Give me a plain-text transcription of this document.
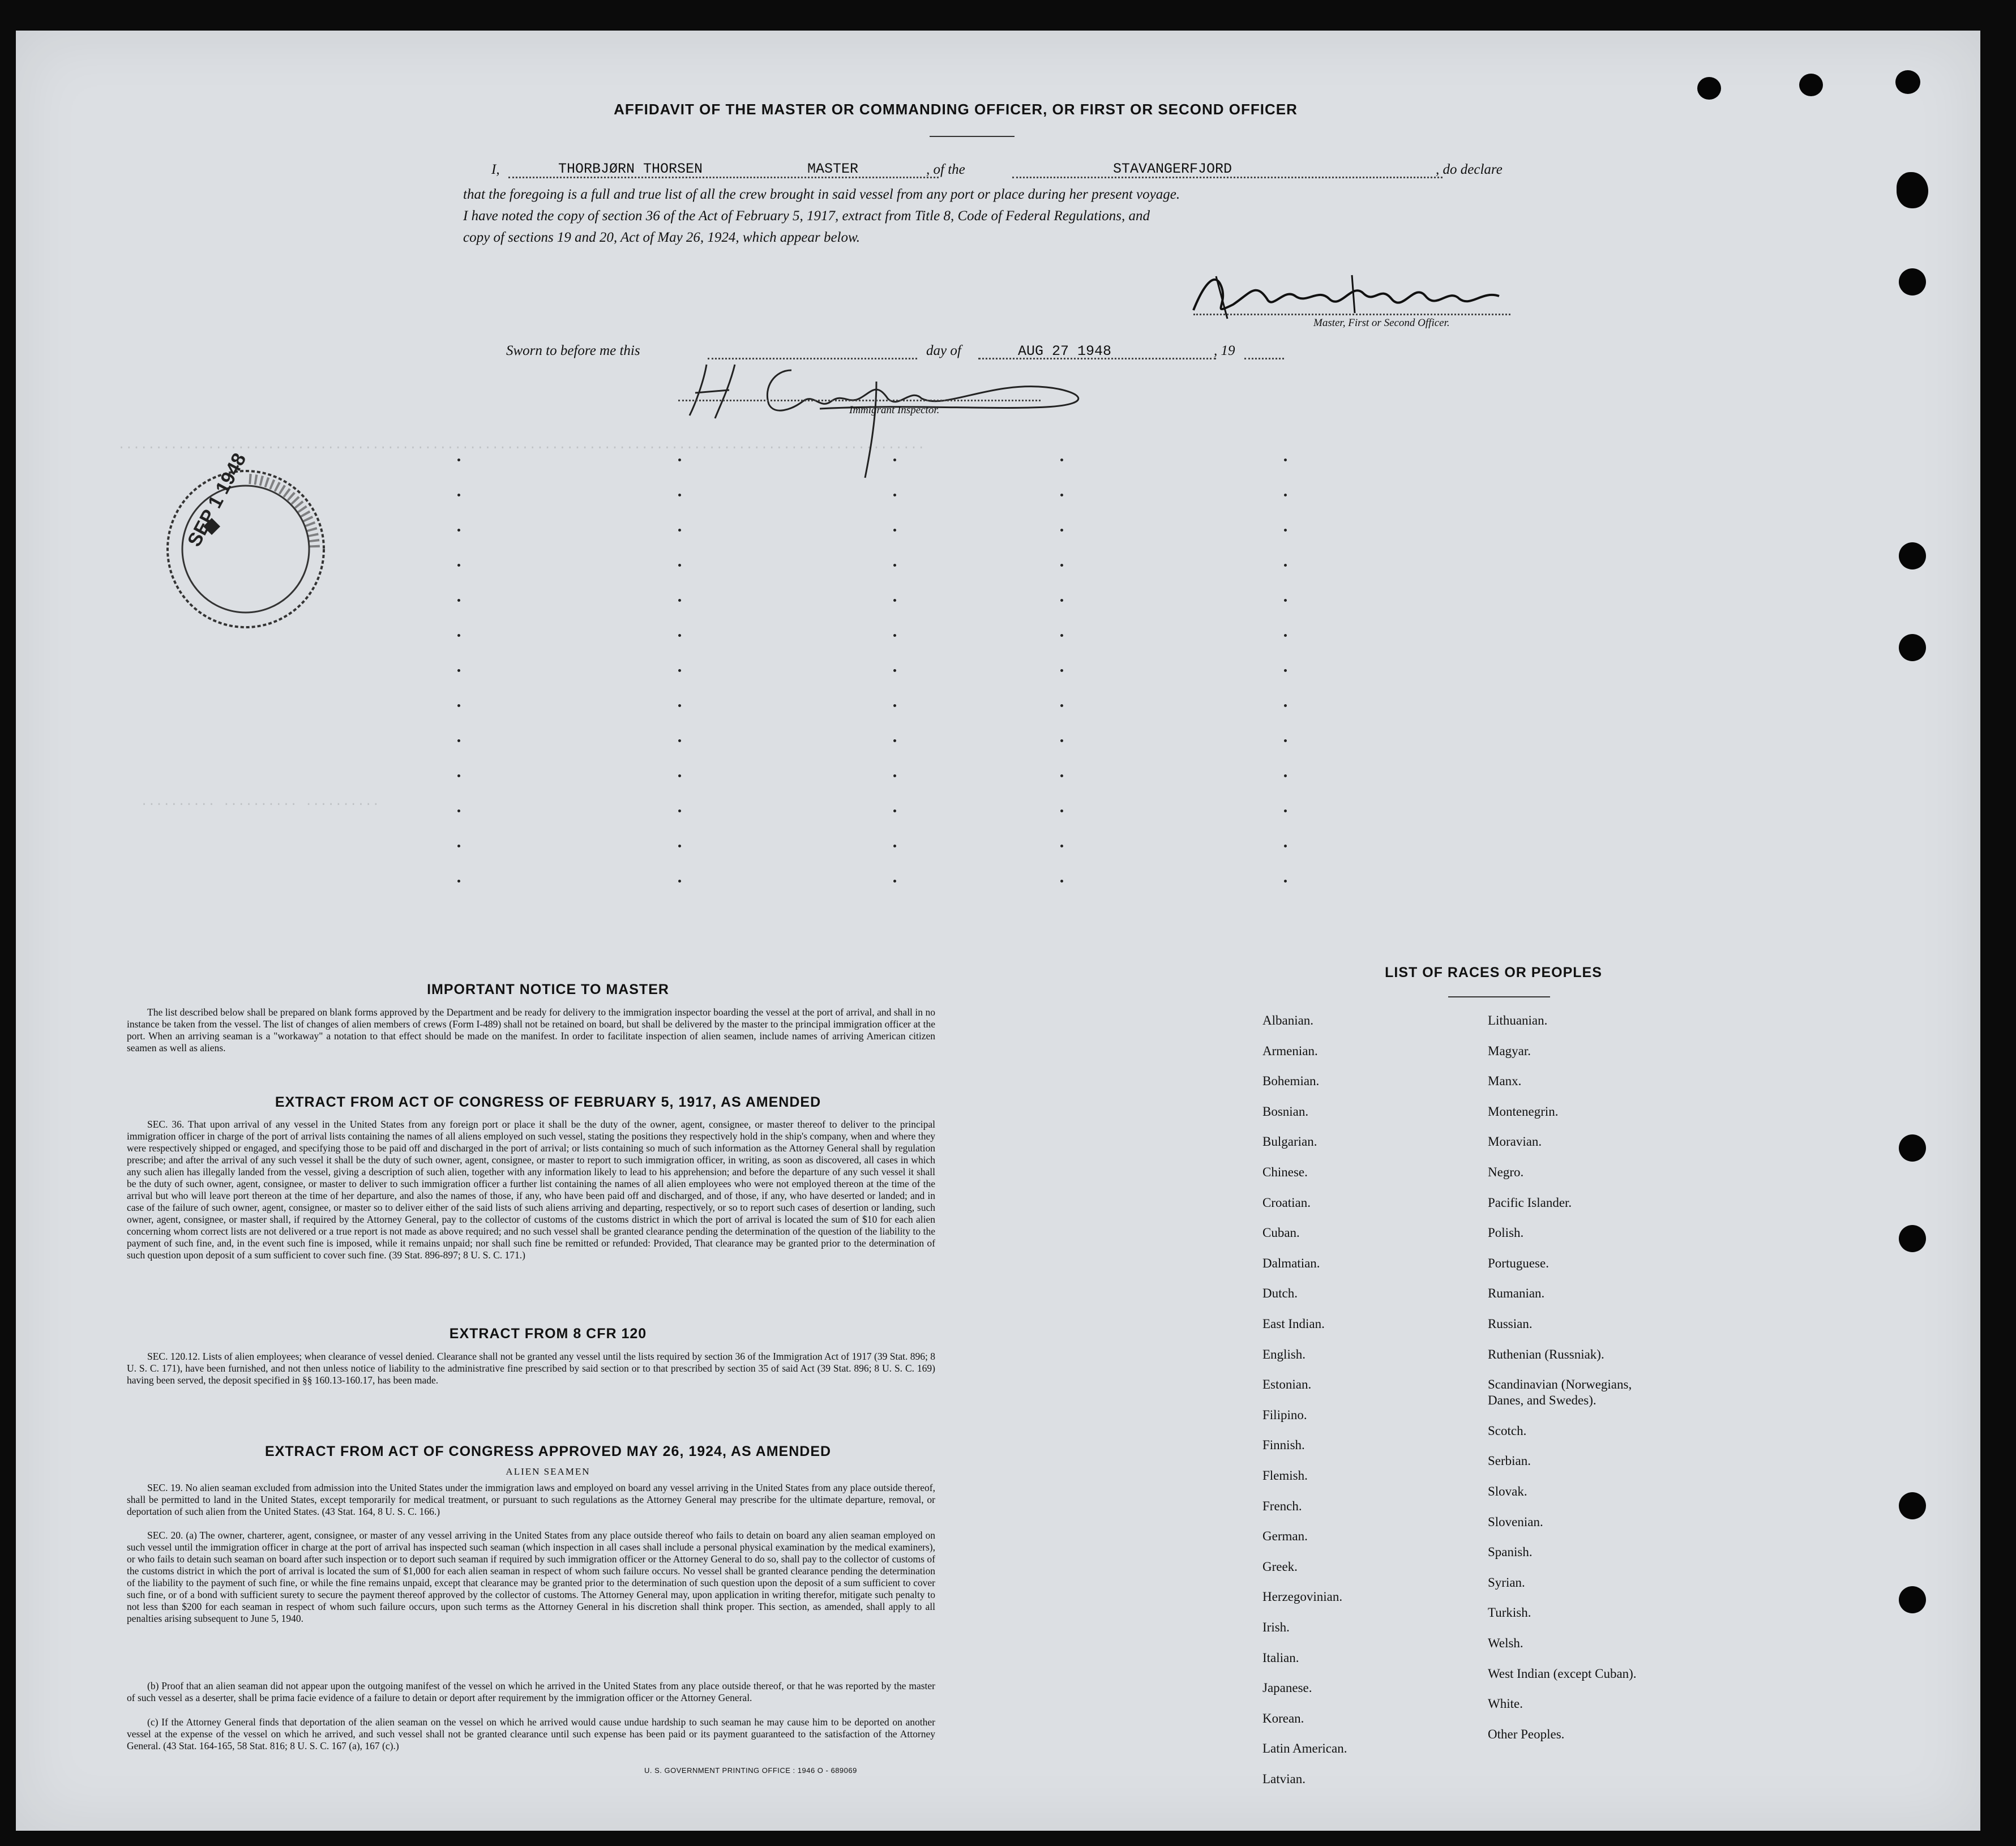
AFFIDAVIT OF THE MASTER OR COMMANDING OFFICER, OR FIRST OR SECOND OFFICER
I,	THORBJØRN THORSEN	MASTER	, of the	STAVANGERFJORD	, do declare
that the foregoing is a full and true list of all the crew brought in said vessel from any port or place during her present voyage.
I have noted the copy of section 36 of the Act of February 5, 1917, extract from Title 8, Code of Federal Regulations, and
copy of sections 19 and 20, Act of May 26, 1924, which appear below.
Master, First or Second Officer.
Sworn to before me this	day of	AUG 27 1948	, 19
Immigrant Inspector.
SEP 1 1948
............................................................................................................
.......... .......... ..........
IMPORTANT NOTICE TO MASTER
The list described below shall be prepared on blank forms approved by the Department and be ready for delivery to the immigration inspector boarding the vessel at the port of arrival, and shall in no instance be taken from the vessel. The list of changes of alien members of crews (Form I-489) shall not be retained on board, but shall be delivered by the master to the principal immigration officer at the port. When an arriving seaman is a "workaway" a notation to that effect should be made on the manifest. In order to facilitate inspection of alien seamen, include names of arriving American citizen seamen as well as aliens.
EXTRACT FROM ACT OF CONGRESS OF FEBRUARY 5, 1917, AS AMENDED
SEC. 36. That upon arrival of any vessel in the United States from any foreign port or place it shall be the duty of the owner, agent, consignee, or master thereof to deliver to the principal immigration officer in charge of the port of arrival lists containing the names of all aliens employed on such vessel, stating the positions they respectively hold in the ship's company, when and where they were respectively shipped or engaged, and specifying those to be paid off and discharged in the port of arrival; or lists containing so much of such information as the Attorney General shall by regulation prescribe; and after the arrival of any such vessel it shall be the duty of such owner, agent, consignee, or master to report to such immigration officer, in writing, as soon as discovered, all cases in which any such alien has illegally landed from the vessel, giving a description of such alien, together with any information likely to lead to his apprehension; and before the departure of any such vessel it shall be the duty of such owner, agent, consignee, or master to deliver to such immigration officer a further list containing the names of all alien employees who were not employed thereon at the time of the arrival but who will leave port thereon at the time of her departure, and also the names of those, if any, who have been paid off and discharged, and of those, if any, who have deserted or landed; and in case of the failure of such owner, agent, consignee, or master so to deliver either of the said lists of such aliens arriving and departing, respectively, or so to report such cases of desertion or landing, such owner, agent, consignee, or master shall, if required by the Attorney General, pay to the collector of customs of the customs district in which the port of arrival is located the sum of $10 for each alien concerning whom correct lists are not delivered or a true report is not made as above required; and no such vessel shall be granted clearance pending the determination of the question of the liability to the payment of such fine, and, in the event such fine is imposed, while it remains unpaid; nor shall such fine be remitted or refunded: Provided, That clearance may be granted prior to the determination of such question upon deposit of a sum sufficient to cover such fine. (39 Stat. 896-897; 8 U. S. C. 171.)
EXTRACT FROM 8 CFR 120
SEC. 120.12. Lists of alien employees; when clearance of vessel denied. Clearance shall not be granted any vessel until the lists required by section 36 of the Immigration Act of 1917 (39 Stat. 896; 8 U. S. C. 171), have been furnished, and not then unless notice of liability to the administrative fine prescribed by said section or to that prescribed by section 35 of said Act (39 Stat. 896; 8 U. S. C. 169) having been served, the deposit specified in §§ 160.13-160.17, has been made.
EXTRACT FROM ACT OF CONGRESS APPROVED MAY 26, 1924, AS AMENDED
ALIEN SEAMEN
SEC. 19. No alien seaman excluded from admission into the United States under the immigration laws and employed on board any vessel arriving in the United States from any place outside thereof, shall be permitted to land in the United States, except temporarily for medical treatment, or pursuant to such regulations as the Attorney General may prescribe for the ultimate departure, removal, or deportation of such alien from the United States. (43 Stat. 164, 8 U. S. C. 166.)
SEC. 20. (a) The owner, charterer, agent, consignee, or master of any vessel arriving in the United States from any place outside thereof who fails to detain on board any alien seaman employed on such vessel until the immigration officer in charge at the port of arrival has inspected such seaman (which inspection in all cases shall include a personal physical examination by the medical examiners), or who fails to detain such seaman on board after such inspection or to deport such seaman if required by such immigration officer or the Attorney General to do so, shall pay to the collector of customs of the customs district in which the port of arrival is located the sum of $1,000 for each alien seaman in respect of whom such failure occurs. No vessel shall be granted clearance pending the determination of the liability to the payment of such fine, or while the fine remains unpaid, except that clearance may be granted prior to the determination of such question upon the deposit of a sum sufficient to cover such fine, or of a bond with sufficient surety to secure the payment thereof approved by the collector of customs. The Attorney General may, upon application in writing therefor, mitigate such penalty to not less than $200 for each seaman in respect of whom such failure occurs, upon such terms as the Attorney General in his discretion shall think proper. This section, as amended, shall apply to all penalties arising subsequent to June 5, 1940.
(b) Proof that an alien seaman did not appear upon the outgoing manifest of the vessel on which he arrived in the United States from any place outside thereof, or that he was reported by the master of such vessel as a deserter, shall be prima facie evidence of a failure to detain or deport after requirement by the immigration officer or the Attorney General.
(c) If the Attorney General finds that deportation of the alien seaman on the vessel on which he arrived would cause undue hardship to such seaman he may cause him to be deported on another vessel at the expense of the vessel on which he arrived, and such vessel shall not be granted clearance until such expense has been paid or its payment guaranteed to the satisfaction of the Attorney General. (43 Stat. 164-165, 58 Stat. 816; 8 U. S. C. 167 (a), 167 (c).)
U. S. GOVERNMENT PRINTING OFFICE : 1946 O - 689069
LIST OF RACES OR PEOPLES
Albanian.
Armenian.
Bohemian.
Bosnian.
Bulgarian.
Chinese.
Croatian.
Cuban.
Dalmatian.
Dutch.
East Indian.
English.
Estonian.
Filipino.
Finnish.
Flemish.
French.
German.
Greek.
Herzegovinian.
Irish.
Italian.
Japanese.
Korean.
Latin American.
Latvian.
Lithuanian.
Magyar.
Manx.
Montenegrin.
Moravian.
Negro.
Pacific Islander.
Polish.
Portuguese.
Rumanian.
Russian.
Ruthenian (Russniak).
Scandinavian (Norwegians,
Danes, and Swedes).
Scotch.
Serbian.
Slovak.
Slovenian.
Spanish.
Syrian.
Turkish.
Welsh.
West Indian (except Cuban).
White.
Other Peoples.
